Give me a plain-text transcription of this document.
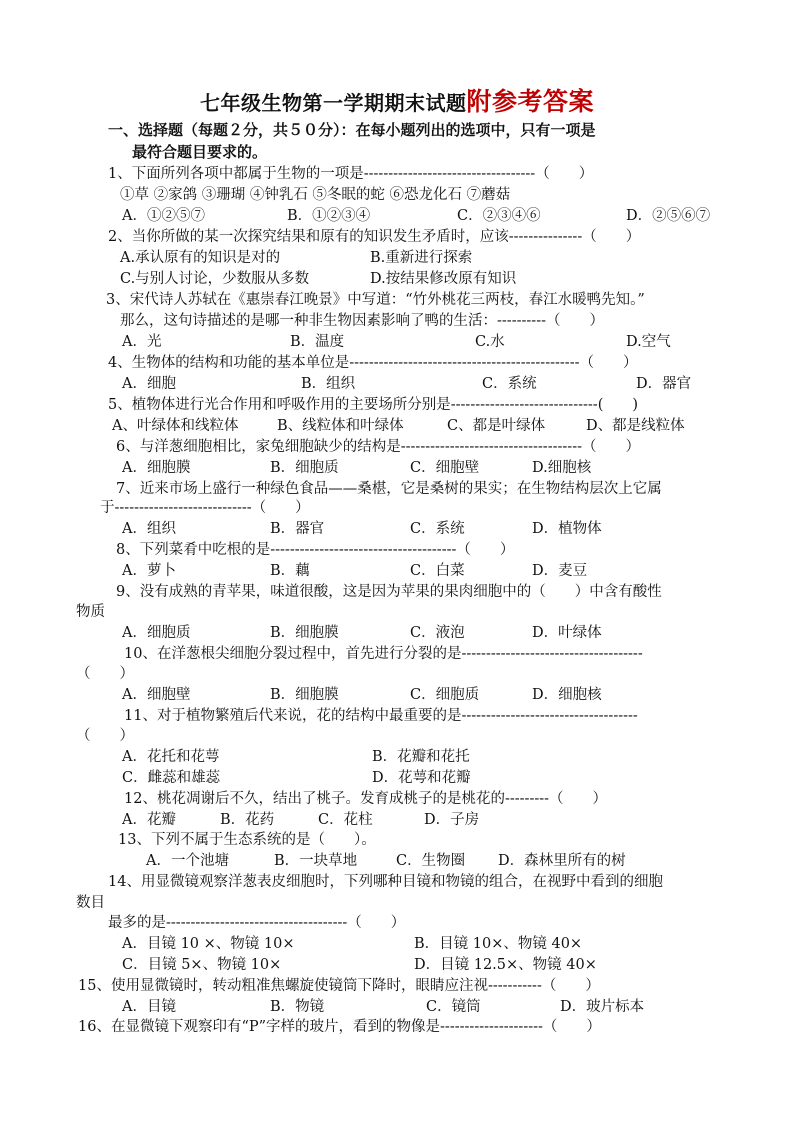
七年级生物第一学期期末试题附参考答案
一、选择题（每题２分，共５０分）：在每小题列出的选项中，只有一项是
最符合题目要求的。
1、下面所列各项中都属于生物的一项是-----------------------------------（　　）
①草 ②家鸽 ③珊瑚 ④钟乳石 ⑤冬眠的蛇 ⑥恐龙化石 ⑦蘑菇
A．①②⑤⑦	B．①②③④	C．②③④⑥	D．②⑤⑥⑦
2、当你所做的某一次探究结果和原有的知识发生矛盾时，应该---------------（　　）
A.承认原有的知识是对的	B.重新进行探索
C.与别人讨论，少数服从多数	D.按结果修改原有知识
3、宋代诗人苏轼在《惠崇春江晚景》中写道：“竹外桃花三两枝，春江水暖鸭先知。”
那么，这句诗描述的是哪一种非生物因素影响了鸭的生活：----------（　　）
A．光	B．温度	C.水	D.空气
4、生物体的结构和功能的基本单位是-----------------------------------------------（　　）
A．细胞	B．组织	C．系统	D．器官
5、植物体进行光合作用和呼吸作用的主要场所分别是------------------------------(　　)
A、叶绿体和线粒体	B、线粒体和叶绿体	C、都是叶绿体	D、都是线粒体
6、与洋葱细胞相比，家兔细胞缺少的结构是-------------------------------------（　　）
A．细胞膜	B．细胞质	C．细胞壁	D.细胞核
7、近来市场上盛行一种绿色食品——桑椹，它是桑树的果实；在生物结构层次上它属
于----------------------------（　　）
A．组织	B．器官	C．系统	D．植物体
8、下列菜肴中吃根的是--------------------------------------（　　）
A．萝卜	B．藕	C．白菜	D．麦豆
9、没有成熟的青苹果，味道很酸，这是因为苹果的果肉细胞中的（　　）中含有酸性
物质
A．细胞质	B．细胞膜	C．液泡	D．叶绿体
10、在洋葱根尖细胞分裂过程中，首先进行分裂的是-------------------------------------
（　　）
A．细胞壁	B．细胞膜	C．细胞质	D．细胞核
11、对于植物繁殖后代来说，花的结构中最重要的是------------------------------------
（　　）
A．花托和花萼	B．花瓣和花托
C．雌蕊和雄蕊	D．花萼和花瓣
12、桃花凋谢后不久，结出了桃子。发育成桃子的是桃花的---------（　　）
A．花瓣	B．花药	C．花柱	D．子房
13、下列不属于生态系统的是（　　）。
A．一个池塘	B．一块草地	C．生物圈 D．森林里所有的树
14、用显微镜观察洋葱表皮细胞时，下列哪种目镜和物镜的组合，在视野中看到的细胞
数目
最多的是-------------------------------------（　　）
A．目镜 10 ×、物镜 10×	B．目镜 10×、物镜 40×
C．目镜 5×、物镜 10×	D．目镜 12.5×、物镜 40×
15、使用显微镜时，转动粗准焦螺旋使镜筒下降时，眼睛应注视-----------（　　）
A．目镜	B．物镜	C．镜筒	D．玻片标本
16、在显微镜下观察印有“P”字样的玻片，看到的物像是---------------------（　　）
